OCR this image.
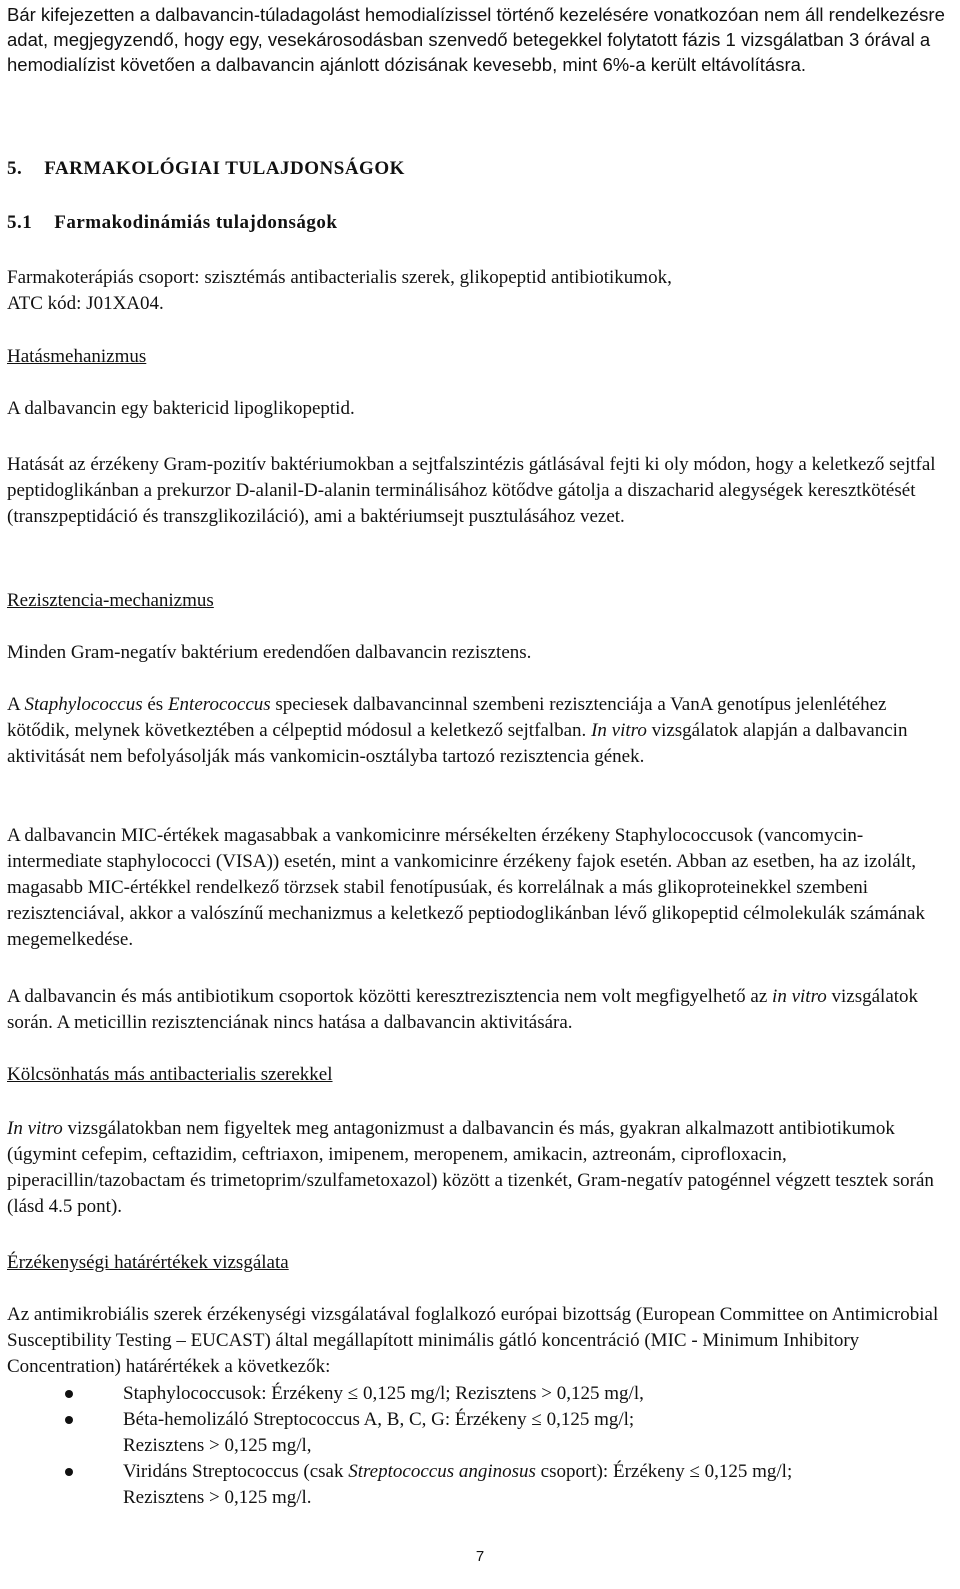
Bár kifejezetten a dalbavancin-túladagolást hemodialízissel történő kezelésére vonatkozóan nem áll rendelkezésre adat, megjegyzendő, hogy egy, vesekárosodásban szenvedő betegekkel folytatott fázis 1 vizsgálatban 3 órával a hemodialízist követően a dalbavancin ajánlott dózisának kevesebb, mint 6%-a került eltávolításra.

5. FARMAKOLÓGIAI TULAJDONSÁGOK
5.1 Farmakodinámiás tulajdonságok

Farmakoterápiás csoport: szisztémás antibacterialis szerek, glikopeptid antibiotikumok,

ATC kód: J01XA04.

Hatásmehanizmus

A dalbavancin egy baktericid lipoglikopeptid.

Hatását az érzékeny Gram-pozitív baktériumokban a sejtfalszintézis gátlásával fejti ki oly módon, hogy a keletkező sejtfal peptidoglikánban a prekurzor D-alanil-D-alanin terminálisához kötődve gátolja a diszacharid alegységek keresztkötését (transzpeptidáció és transzglikoziláció), ami a baktériumsejt pusztulásához vezet.

Rezisztencia-mechanizmus

Minden Gram-negatív baktérium eredendően dalbavancin rezisztens.

A Staphylococcus és Enterococcus speciesek dalbavancinnal szembeni rezisztenciája a VanA genotípus jelenlétéhez kötődik, melynek következtében a célpeptid módosul a keletkező sejtfalban. In vitro vizsgálatok alapján a dalbavancin aktivitását nem befolyásolják más vankomicin-osztályba tartozó rezisztencia gének.

A dalbavancin MIC-értékek magasabbak a vankomicinre mérsékelten érzékeny Staphylococcusok (vancomycin-intermediate staphylococci (VISA)) esetén, mint a vankomicinre érzékeny fajok esetén. Abban az esetben, ha az izolált, magasabb MIC-értékkel rendelkező törzsek stabil fenotípusúak, és korrelálnak a más glikoproteinekkel szembeni rezisztenciával, akkor a valószínű mechanizmus a keletkező peptiodoglikánban lévő glikopeptid célmolekulák számának megemelkedése.

A dalbavancin és más antibiotikum csoportok közötti keresztrezisztencia nem volt megfigyelhető az in vitro vizsgálatok során. A meticillin rezisztenciának nincs hatása a dalbavancin aktivitására.

Kölcsönhatás más antibacterialis szerekkel

In vitro vizsgálatokban nem figyeltek meg antagonizmust a dalbavancin és más, gyakran alkalmazott antibiotikumok (úgymint cefepim, ceftazidim, ceftriaxon, imipenem, meropenem, amikacin, aztreonám, ciprofloxacin, piperacillin/tazobactam és trimetoprim/szulfametoxazol) között a tizenkét, Gram-negatív patogénnel végzett tesztek során (lásd 4.5 pont).

Érzékenységi határértékek vizsgálata

Az antimikrobiális szerek érzékenységi vizsgálatával foglalkozó európai bizottság (European Committee on Antimicrobial Susceptibility Testing – EUCAST) által megállapított minimális gátló koncentráció (MIC - Minimum Inhibitory Concentration) határértékek a következők:

Staphylococcusok: Érzékeny ≤ 0,125 mg/l; Rezisztens > 0,125 mg/l,
Béta-hemolizáló Streptococcus A, B, C, G: Érzékeny ≤ 0,125 mg/l;
Rezisztens > 0,125 mg/l,
Viridáns Streptococcus (csak Streptococcus anginosus csoport): Érzékeny ≤ 0,125 mg/l;
Rezisztens > 0,125 mg/l.
7
